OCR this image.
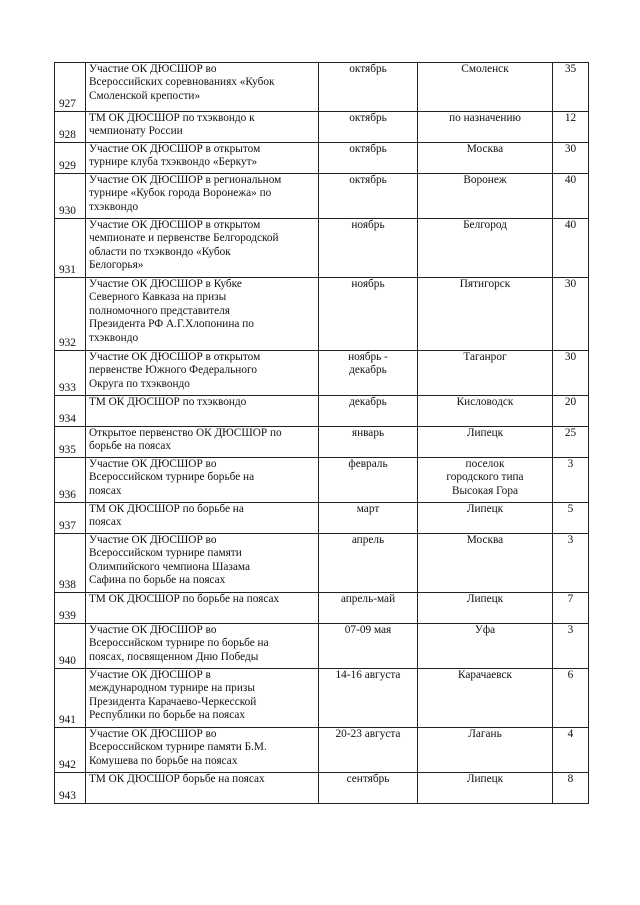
927	Участие ОК ДЮСШОР во
Всероссийских соревнованиях «Кубок
Смоленской крепости»	октябрь	Смоленск	35

928	ТМ ОК ДЮСШОР по тхэквондо к
чемпионату России	октябрь	по назначению	12

929	Участие ОК ДЮСШОР в открытом
турнире клуба тхэквондо «Беркут»	октябрь	Москва	30

930	Участие ОК ДЮСШОР в региональном
турнире «Кубок города Воронежа» по
тхэквондо	октябрь	Воронеж	40

931	Участие ОК ДЮСШОР в открытом
чемпионате и первенстве Белгородской
области по тхэквондо «Кубок
Белогорья»	ноябрь	Белгород	40

932	Участие ОК ДЮСШОР в Кубке
Северного Кавказа на призы
полномочного представителя
Президента РФ А.Г.Хлопонина по
тхэквондо	ноябрь	Пятигорск	30

933	Участие ОК ДЮСШОР в открытом
первенстве Южного Федерального
Округа по тхэквондо	ноябрь -
декабрь	Таганрог	30

934	ТМ ОК ДЮСШОР по тхэквондо	декабрь	Кисловодск	20

935	Открытое первенство ОК ДЮСШОР по
борьбе на поясах	январь	Липецк	25

936	Участие ОК ДЮСШОР во
Всероссийском турнире борьбе на
поясах	февраль	поселок
городского типа
Высокая Гора	3

937	ТМ ОК ДЮСШОР по борьбе на
поясах	март	Липецк	5

938	Участие ОК ДЮСШОР во
Всероссийском турнире памяти
Олимпийского чемпиона Шазама
Сафина по борьбе на поясах	апрель	Москва	3

939	ТМ ОК ДЮСШОР по борьбе на поясах	апрель-май	Липецк	7

940	Участие ОК ДЮСШОР во
Всероссийском турнире по борьбе на
поясах, посвященном Дню Победы	07-09 мая	Уфа	3

941	Участие ОК ДЮСШОР в
международном турнире на призы
Президента Карачаево-Черкесской
Республики по борьбе на поясах	14-16 августа	Карачаевск	6

942	Участие ОК ДЮСШОР во
Всероссийском турнире памяти Б.М.
Комушева по борьбе на поясах	20-23 августа	Лагань	4

943	ТМ ОК ДЮСШОР борьбе на поясах	сентябрь	Липецк	8
